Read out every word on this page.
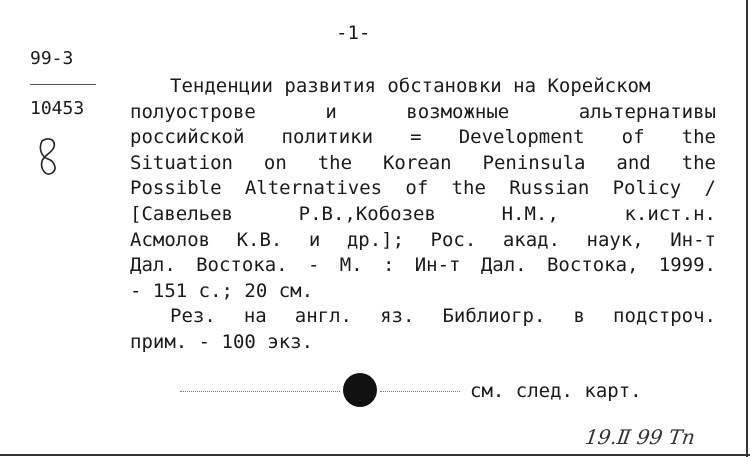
-1-
99-3
10453
Тенденции развития обстановки на Корейском
полуострове и возможные альтернативы
российской политики = Development of the
Situation on the Korean Peninsula and the
Possible Alternatives of the Russian Policy /
[Савельев Р.В.,Кобозев Н.М., к.ист.н.
Асмолов К.В. и др.]; Рос. акад. наук, Ин-т
Дал. Востока. - М. : Ин-т Дал. Востока, 1999.
- 151 с.; 20 см.
Рез. на англ. яз. Библиогр. в подстроч.
прим. - 100 экз.
см. след. карт.
19.Ⅱ 99 Тn
